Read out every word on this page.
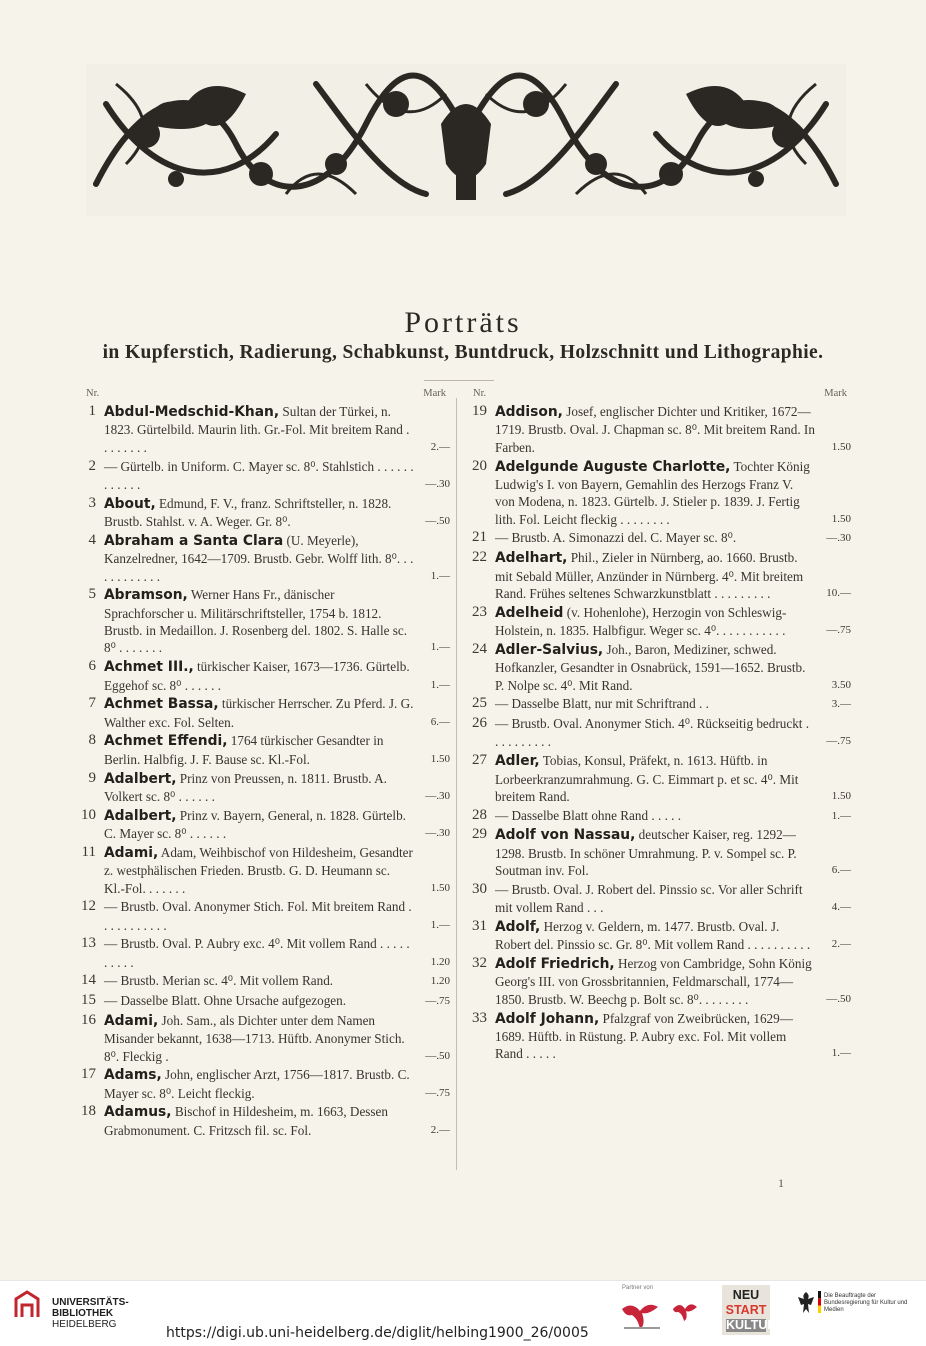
Porträts
in Kupferstich, Radierung, Schabkunst, Buntdruck, Holzschnitt und Lithographie.
Nr.	Mark
1 Abdul-Medschid-Khan, Sultan der Türkei, n. 1823. Gürtelbild. Maurin lith. Gr.-Fol. Mit breitem Rand . . . . . . . .	2.—
2 — Gürtelb. in Uniform. C. Mayer sc. 8⁰. Stahlstich . . . . . . . . . . . .	—.30
3 About, Edmund, F. V., franz. Schriftsteller, n. 1828. Brustb. Stahlst. v. A. Weger. Gr. 8⁰.	—.50
4 Abraham a Santa Clara (U. Meyerle), Kanzelredner, 1642—1709. Brustb. Gebr. Wolff lith. 8⁰. . . . . . . . . . . .	1.—
5 Abramson, Werner Hans Fr., dänischer Sprachforscher u. Militärschriftsteller, 1754 b. 1812. Brustb. in Medaillon. J. Rosenberg del. 1802. S. Halle sc. 8⁰ . . . . . . .	1.—
6 Achmet III., türkischer Kaiser, 1673—1736. Gürtelb. Eggehof sc. 8⁰ . . . . . .	1.—
7 Achmet Bassa, türkischer Herrscher. Zu Pferd. J. G. Walther exc. Fol. Selten.	6.—
8 Achmet Effendi, 1764 türkischer Gesandter in Berlin. Halbfig. J. F. Bause sc. Kl.-Fol.	1.50
9 Adalbert, Prinz von Preussen, n. 1811. Brustb. A. Volkert sc. 8⁰ . . . . . .	—.30
10 Adalbert, Prinz v. Bayern, General, n. 1828. Gürtelb. C. Mayer sc. 8⁰ . . . . . .	—.30
11 Adami, Adam, Weihbischof von Hildesheim, Gesandter z. westphälischen Frieden. Brustb. G. D. Heumann sc. Kl.-Fol. . . . . . .	1.50
12 — Brustb. Oval. Anonymer Stich. Fol. Mit breitem Rand . . . . . . . . . . .	1.—
13 — Brustb. Oval. P. Aubry exc. 4⁰. Mit vollem Rand . . . . . . . . . .	1.20
14 — Brustb. Merian sc. 4⁰. Mit vollem Rand.	1.20
15 — Dasselbe Blatt. Ohne Ursache aufgezogen.	—.75
16 Adami, Joh. Sam., als Dichter unter dem Namen Misander bekannt, 1638—1713. Hüftb. Anonymer Stich. 8⁰. Fleckig .	—.50
17 Adams, John, englischer Arzt, 1756—1817. Brustb. C. Mayer sc. 8⁰. Leicht fleckig.	—.75
18 Adamus, Bischof in Hildesheim, m. 1663, Dessen Grabmonument. C. Fritzsch fil. sc. Fol.	2.—
Nr.	Mark
19 Addison, Josef, englischer Dichter und Kritiker, 1672—1719. Brustb. Oval. J. Chapman sc. 8⁰. Mit breitem Rand. In Farben.	1.50
20 Adelgunde Auguste Charlotte, Tochter König Ludwig's I. von Bayern, Gemahlin des Herzogs Franz V. von Modena, n. 1823. Gürtelb. J. Stieler p. 1839. J. Fertig lith. Fol. Leicht fleckig . . . . . . . .	1.50
21 — Brustb. A. Simonazzi del. C. Mayer sc. 8⁰.	—.30
22 Adelhart, Phil., Zieler in Nürnberg, ao. 1660. Brustb. mit Sebald Müller, Anzünder in Nürnberg. 4⁰. Mit breitem Rand. Frühes seltenes Schwarzkunstblatt . . . . . . . . .	10.—
23 Adelheid (v. Hohenlohe), Herzogin von Schleswig-Holstein, n. 1835. Halbfigur. Weger sc. 4⁰. . . . . . . . . . .	—.75
24 Adler-Salvius, Joh., Baron, Mediziner, schwed. Hofkanzler, Gesandter in Osnabrück, 1591—1652. Brustb. P. Nolpe sc. 4⁰. Mit Rand.	3.50
25 — Dasselbe Blatt, nur mit Schriftrand . .	3.—
26 — Brustb. Oval. Anonymer Stich. 4⁰. Rückseitig bedruckt . . . . . . . . . .	—.75
27 Adler, Tobias, Konsul, Präfekt, n. 1613. Hüftb. in Lorbeerkranzumrahmung. G. C. Eimmart p. et sc. 4⁰. Mit breitem Rand.	1.50
28 — Dasselbe Blatt ohne Rand . . . . .	1.—
29 Adolf von Nassau, deutscher Kaiser, reg. 1292—1298. Brustb. In schöner Umrahmung. P. v. Sompel sc. P. Soutman inv. Fol.	6.—
30 — Brustb. Oval. J. Robert del. Pinssio sc. Vor aller Schrift mit vollem Rand . . .	4.—
31 Adolf, Herzog v. Geldern, m. 1477. Brustb. Oval. J. Robert del. Pinssio sc. Gr. 8⁰. Mit vollem Rand . . . . . . . . . . 2.—
32 Adolf Friedrich, Herzog von Cambridge, Sohn König Georg's III. von Grossbritannien, Feldmarschall, 1774—1850. Brustb. W. Beechg p. Bolt sc. 8⁰. . . . . . . .	—.50
33 Adolf Johann, Pfalzgraf von Zweibrücken, 1629—1689. Hüftb. in Rüstung. P. Aubry exc. Fol. Mit vollem Rand . . . . .	1.—
1
UNIVERSITÄTS-
BIBLIOTHEK
HEIDELBERG
Partner von	NEU
START
KULTUR
Die Beauftragte der Bundesregierung für Kultur und Medien
https://digi.ub.uni-heidelberg.de/diglit/helbing1900_26/0005
